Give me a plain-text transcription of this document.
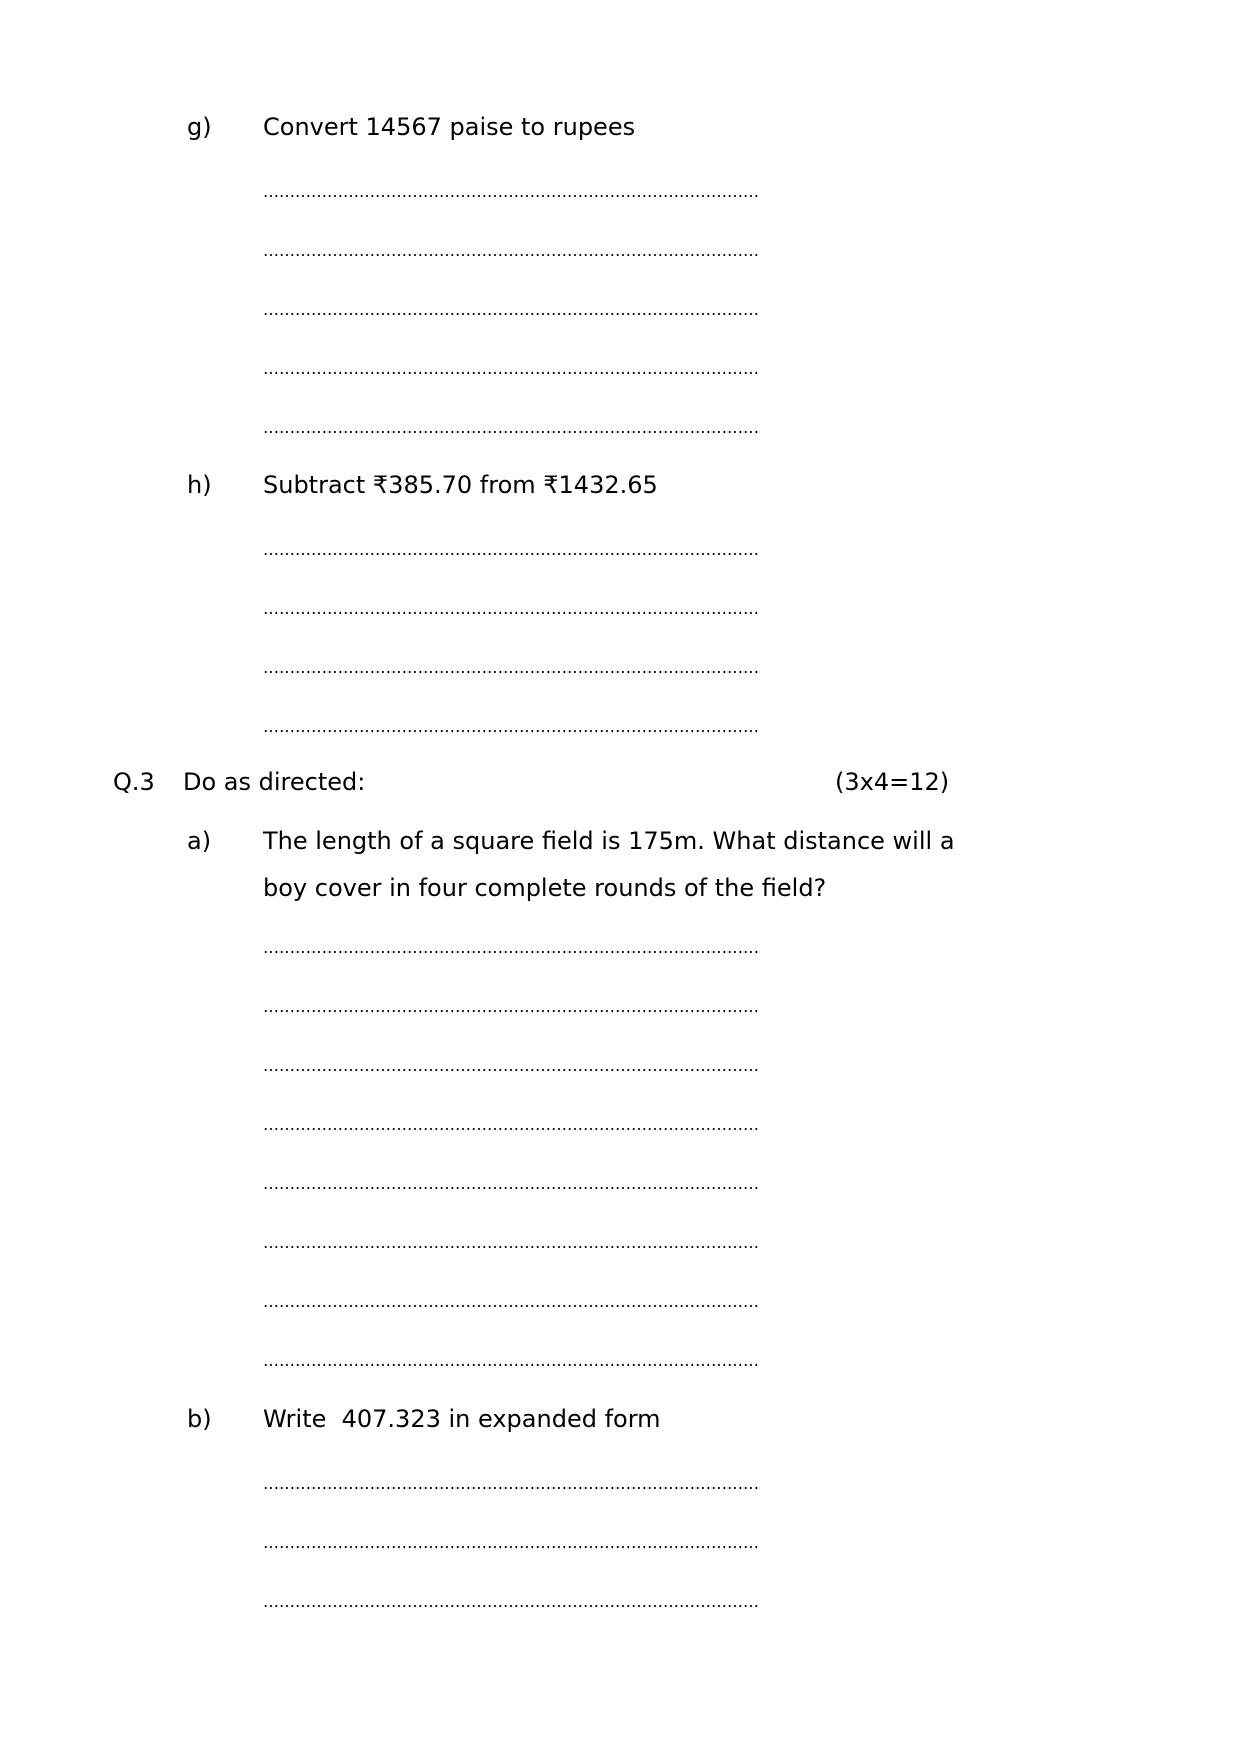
g) Convert 14567 paise to rupees
…………………………………………………………………………………
…………………………………………………………………………………
…………………………………………………………………………………
…………………………………………………………………………………
…………………………………………………………………………………
h) Subtract ₹385.70 from ₹1432.65
…………………………………………………………………………………
…………………………………………………………………………………
…………………………………………………………………………………
…………………………………………………………………………………
Q.3 Do as directed:	(3x4=12)
a) The length of a square field is 175m. What distance will a
boy cover in four complete rounds of the field?
…………………………………………………………………………………
…………………………………………………………………………………
…………………………………………………………………………………
…………………………………………………………………………………
…………………………………………………………………………………
…………………………………………………………………………………
…………………………………………………………………………………
…………………………………………………………………………………
b) Write  407.323 in expanded form
…………………………………………………………………………………
…………………………………………………………………………………
…………………………………………………………………………………
